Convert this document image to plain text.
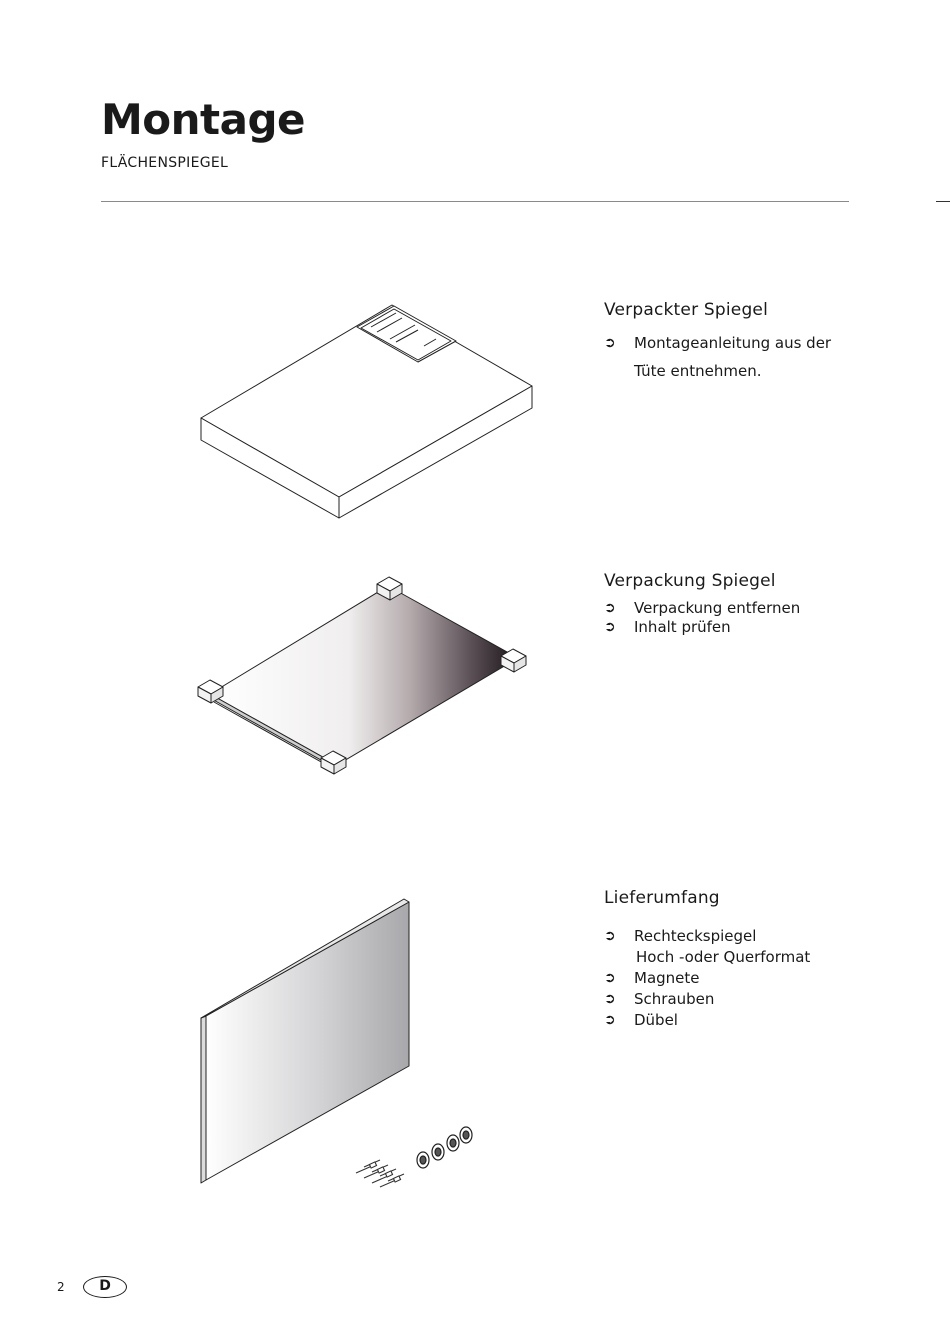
Montage
FLÄCHENSPIEGEL
Verpackter Spiegel
➲ Montageanleitung aus der
Tüte entnehmen.
Verpackung Spiegel
➲ Verpackung entfernen
➲ Inhalt prüfen
Lieferumfang
➲ Rechteckspiegel
Hoch -oder Querformat
➲ Magnete
➲ Schrauben
➲ Dübel
2	D
